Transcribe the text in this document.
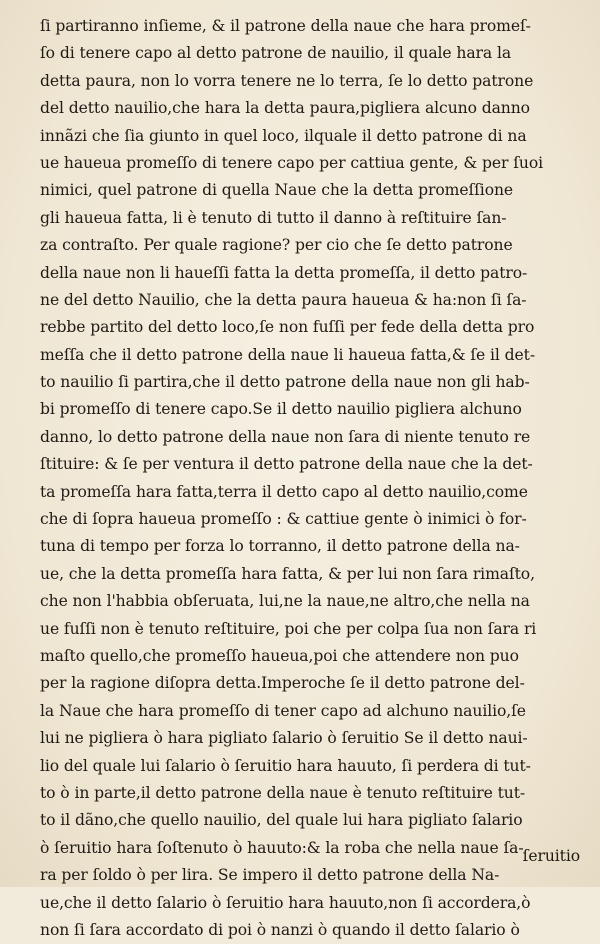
ſi partiranno inſieme, & il patrone della naue che hara promeſ-
ſo di tenere capo al detto patrone de nauilio, il quale hara la
detta paura, non lo vorra tenere ne lo terra, ſe lo detto patrone
del detto nauilio,che hara la detta paura,pigliera alcuno danno
innãzi che ſia giunto in quel loco, ilquale il detto patrone di na
ue haueua promeſſo di tenere capo per cattiua gente, & per ſuoi
nimici, quel patrone di quella Naue che la detta promeſſione
gli haueua fatta, li è tenuto di tutto il danno à reſtituire ſan-
za contraſto. Per quale ragione? per cio che ſe detto patrone
della naue non li haueſſi fatta la detta promeſſa, il detto patro-
ne del detto Nauilio, che la detta paura haueua & ha:non ſi ſa-
rebbe partito del detto loco,ſe non fuſſi per fede della detta pro
meſſa che il detto patrone della naue li haueua fatta,& ſe il det-
to nauilio ſi partira,che il detto patrone della naue non gli hab-
bi promeſſo di tenere capo.Se il detto nauilio pigliera alchuno
danno, lo detto patrone della naue non ſara di niente tenuto re
ſtituire: & ſe per ventura il detto patrone della naue che la det-
ta promeſſa hara fatta,terra il detto capo al detto nauilio,come
che di ſopra haueua promeſſo : & cattiue gente ò inimici ò for-
tuna di tempo per forza lo torranno, il detto patrone della na-
ue, che la detta promeſſa hara fatta, & per lui non ſara rimaſto,
che non l'habbia obſeruata, lui,ne la naue,ne altro,che nella na
ue fuſſi non è tenuto reſtituire, poi che per colpa ſua non ſara ri
maſto quello,che promeſſo haueua,poi che attendere non puo
per la ragione diſopra detta.Imperoche ſe il detto patrone del-
la Naue che hara promeſſo di tener capo ad alchuno nauilio,ſe
lui ne pigliera ò hara pigliato ſalario ò ſeruitio Se il detto naui-
lio del quale lui ſalario ò ſeruitio hara hauuto, ſi perdera di tut-
to ò in parte,il detto patrone della naue è tenuto reſtituire tut-
to il dãno,che quello nauilio, del quale lui hara pigliato ſalario
ò ſeruitio hara ſoſtenuto ò hauuto:& la roba che nella naue ſa-
ra per ſoldo ò per lira. Se impero il detto patrone della Na-
ue,che il detto ſalario ò ſeruitio hara hauuto,non ſi accordera,ò
non ſi ſara accordato di poi ò nanzi ò quando il detto ſalario ò
ſeruitio
